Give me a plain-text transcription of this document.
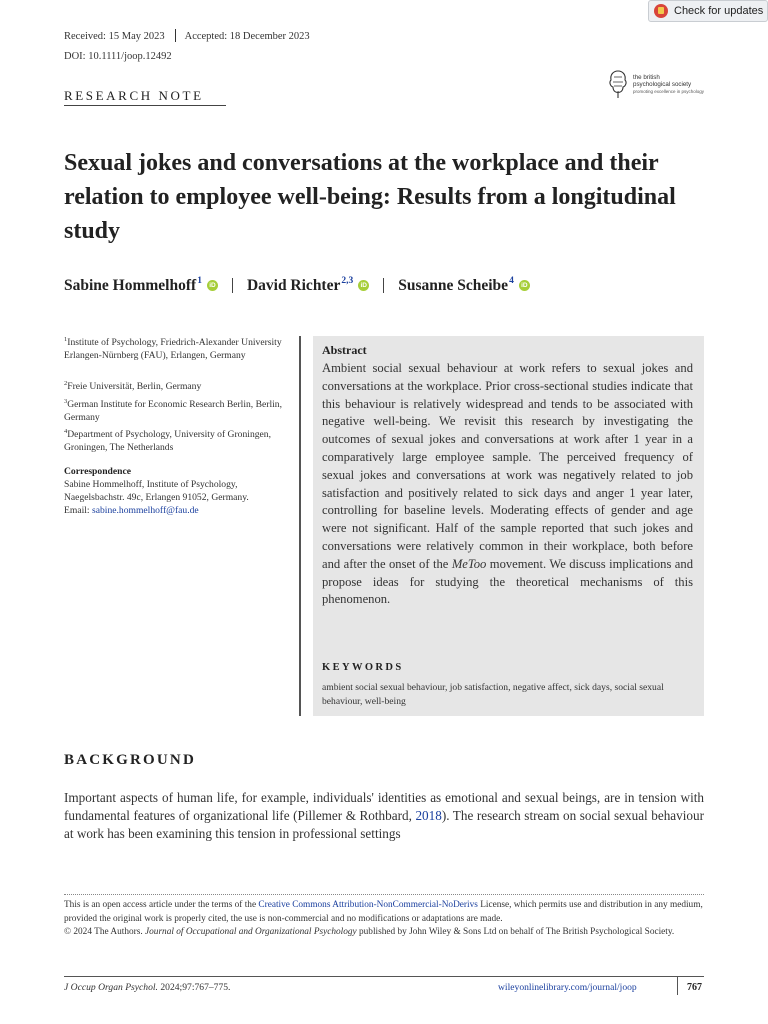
Received: 15 May 2023 Accepted: 18 December 2023
DOI: 10.1111/joop.12492
Check for updates
the british psychological society
promoting excellence in psychology
RESEARCH NOTE
Sexual jokes and conversations at the workplace and their relation to employee well-being: Results from a longitudinal study
Sabine Hommelhoff$^1$	iD David Richter$^{2,3}$	iD Susanne Scheibe$^4$	iD
$^1$Institute of Psychology, Friedrich-Alexander University Erlangen-Nürnberg (FAU), Erlangen, Germany
$^2$Freie Universität, Berlin, Germany
$^3$German Institute for Economic Research Berlin, Berlin, Germany
$^4$Department of Psychology, University of Groningen, Groningen, The Netherlands
Correspondence
Sabine Hommelhoff, Institute of Psychology, Naegelsbachstr. 49c, Erlangen 91052, Germany.
Email: sabine.hommelhoff@fau.de
Abstract
Ambient social sexual behaviour at work refers to sexual jokes and conversations at the workplace. Prior cross-sectional studies indicate that this behaviour is relatively widespread and tends to be associated with negative well-being. We revisit this research by investigating the outcomes of sexual jokes and conversations at work after 1 year in a comparatively large employee sample. The perceived frequency of sexual jokes and conversations at work was negatively related to job satisfaction and positively related to sick days and anger 1 year later, controlling for baseline levels. Moderating effects of gender and age were not significant. Half of the sample reported that such jokes and conversations were relatively common in their workplace, both before and after the onset of the MeToo movement. We discuss implications and propose ideas for studying the theoretical mechanisms of this phenomenon.
KEYWORDS
ambient social sexual behaviour, job satisfaction, negative affect, sick days, social sexual behaviour, well-being
BACKGROUND
Important aspects of human life, for example, individuals' identities as emotional and sexual beings, are in tension with fundamental features of organizational life (Pillemer & Rothbard, 2018). The research stream on social sexual behaviour at work has been examining this tension in professional settings
This is an open access article under the terms of the Creative Commons Attribution-NonCommercial-NoDerivs License, which permits use and distribution in any medium, provided the original work is properly cited, the use is non-commercial and no modifications or adaptations are made.
© 2024 The Authors. Journal of Occupational and Organizational Psychology published by John Wiley & Sons Ltd on behalf of The British Psychological Society.
J Occup Organ Psychol. 2024;97:767–775.	wileyonlinelibrary.com/journal/joop	767
